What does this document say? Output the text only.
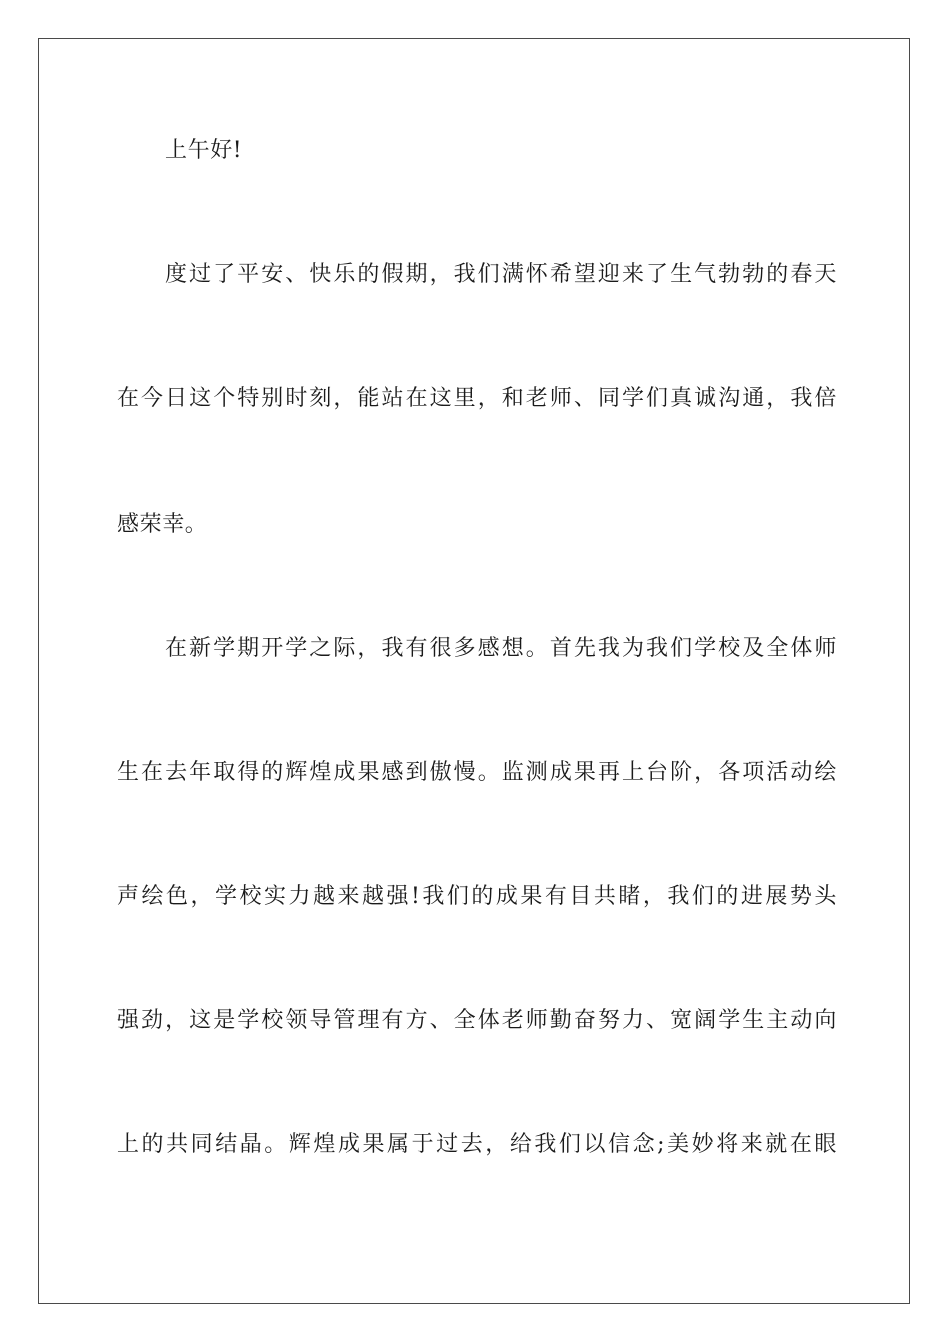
上午好!
度过了平安、快乐的假期，我们满怀希望迎来了生气勃勃的春天
在今日这个特别时刻，能站在这里，和老师、同学们真诚沟通，我倍
感荣幸。
在新学期开学之际，我有很多感想。首先我为我们学校及全体师
生在去年取得的辉煌成果感到傲慢。监测成果再上台阶，各项活动绘
声绘色，学校实力越来越强!我们的成果有目共睹，我们的进展势头
强劲，这是学校领导管理有方、全体老师勤奋努力、宽阔学生主动向
上的共同结晶。辉煌成果属于过去，给我们以信念;美妙将来就在眼
